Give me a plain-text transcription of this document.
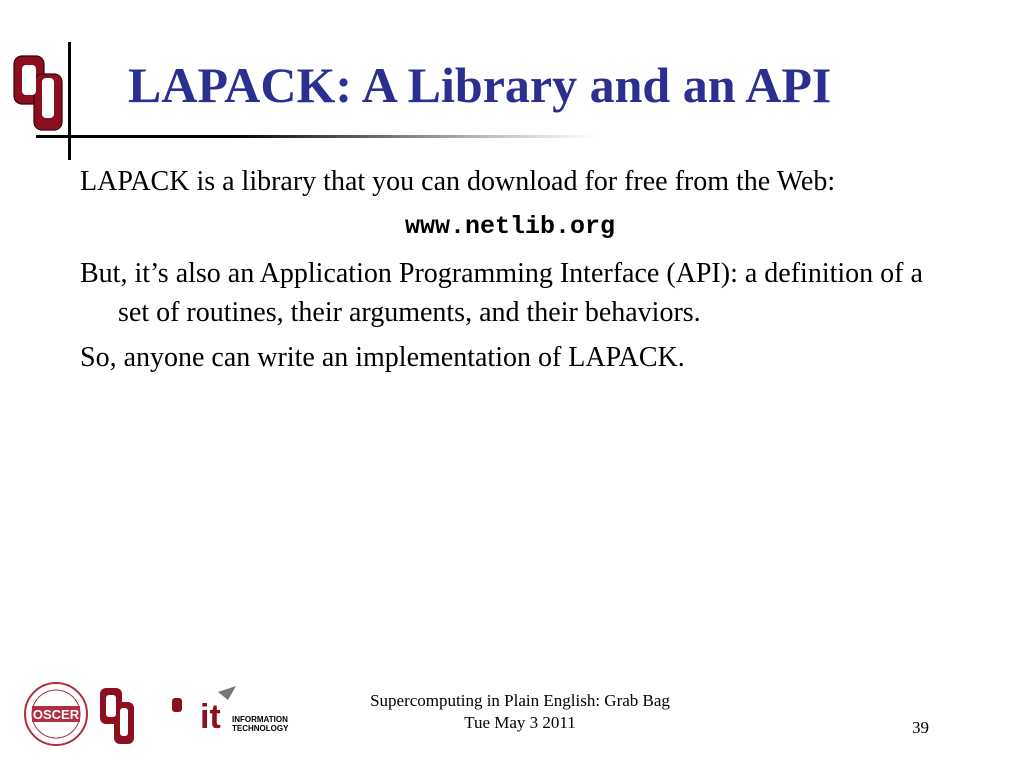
LAPACK: A Library and an API

LAPACK is a library that you can download for free from the Web:

www.netlib.org

But, it’s also an Application Programming Interface (API): a definition of a set of routines, their arguments, and their behaviors.

So, anyone can write an implementation of LAPACK.

OSCER	it INFORMATION
TECHNOLOGY
Supercomputing in Plain English: Grab Bag
Tue May 3 2011	39
